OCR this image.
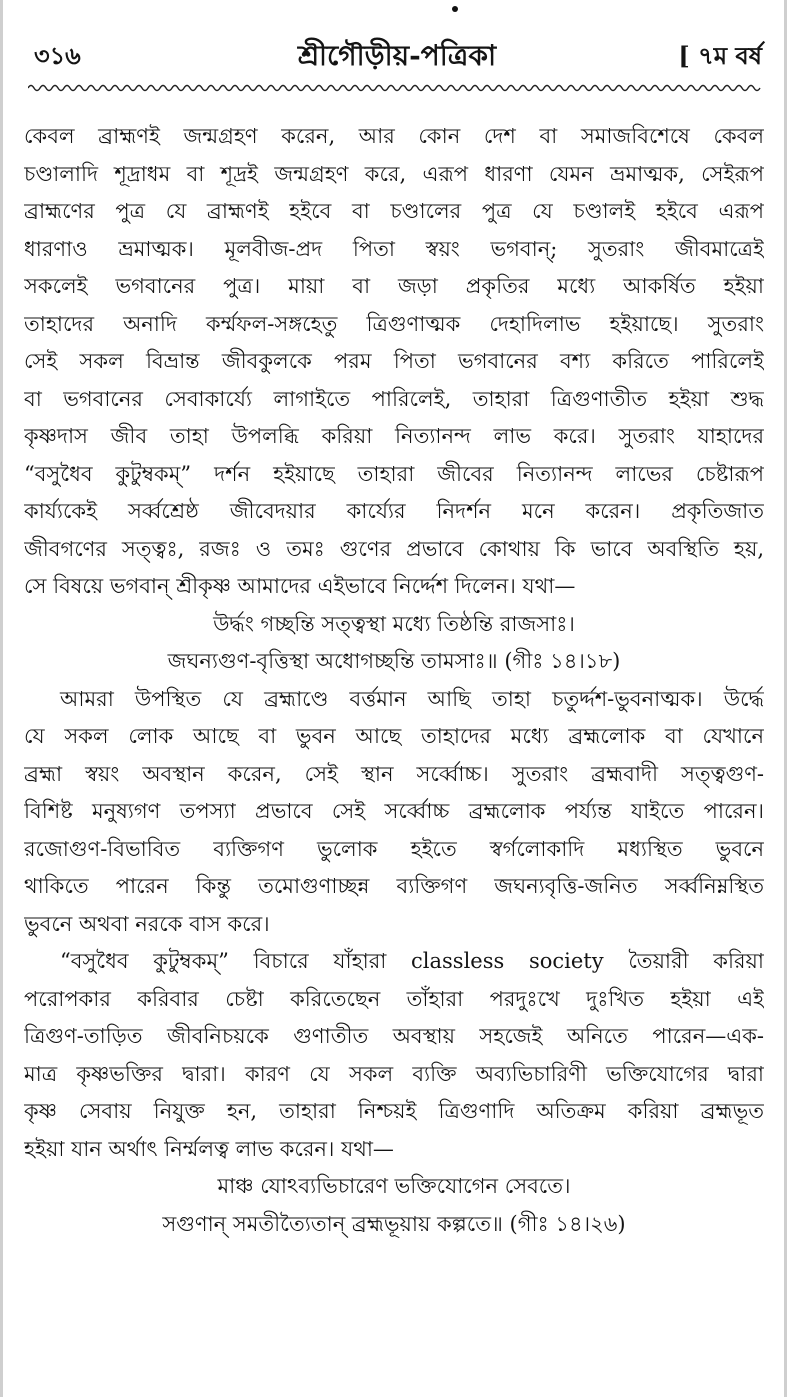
৩১৬	শ্রীগৌড়ীয়-পত্রিকা	[ ৭ম বর্ষ
কেবল ব্রাহ্মণই জন্মগ্রহণ করেন, আর কোন দেশ বা সমাজবিশেষে কেবল
চণ্ডালাদি শূদ্রাধম বা শূদ্রই জন্মগ্রহণ করে, এরূপ ধারণা যেমন ভ্রমাত্মক, সেইরূপ
ব্রাহ্মণের পুত্র যে ব্রাহ্মণই হইবে বা চণ্ডালের পুত্র যে চণ্ডালই হইবে এরূপ
ধারণাও ভ্রমাত্মক। মূলবীজ-প্রদ পিতা স্বয়ং ভগবান্; সুতরাং জীবমাত্রেই
সকলেই ভগবানের পুত্র। মায়া বা জড়া প্রকৃতির মধ্যে আকর্ষিত হইয়া
তাহাদের অনাদি কর্ম্মফল-সঙ্গহেতু ত্রিগুণাত্মক দেহাদিলাভ হইয়াছে। সুতরাং
সেই সকল বিভ্রান্ত জীবকুলকে পরম পিতা ভগবানের বশ্য করিতে পারিলেই
বা ভগবানের সেবাকার্য্যে লাগাইতে পারিলেই, তাহারা ত্রিগুণাতীত হইয়া শুদ্ধ
কৃষ্ণদাস জীব তাহা উপলব্ধি করিয়া নিত্যানন্দ লাভ করে। সুতরাং যাহাদের
“বসুধৈব কুটুম্বকম্” দর্শন হইয়াছে তাহারা জীবের নিত্যানন্দ লাভের চেষ্টারূপ
কার্য্যকেই সর্ব্বশ্রেষ্ঠ জীবেদয়ার কার্য্যের নিদর্শন মনে করেন। প্রকৃতিজাত
জীবগণের সত্ত্বঃ, রজঃ ও তমঃ গুণের প্রভাবে কোথায় কি ভাবে অবস্থিতি হয়,
সে বিষয়ে ভগবান্ শ্রীকৃষ্ণ আমাদের এইভাবে নির্দ্দেশ দিলেন। যথা—
উর্দ্ধং গচ্ছন্তি সত্ত্বস্থা মধ্যে তিষ্ঠন্তি রাজসাঃ।
জঘন্যগুণ-বৃত্তিস্থা অধোগচ্ছন্তি তামসাঃ॥ (গীঃ ১৪।১৮)
আমরা উপস্থিত যে ব্রহ্মাণ্ডে বর্ত্তমান আছি তাহা চতুর্দ্দশ-ভুবনাত্মক। উর্দ্ধে
যে সকল লোক আছে বা ভুবন আছে তাহাদের মধ্যে ব্রহ্মলোক বা যেখানে
ব্রহ্মা স্বয়ং অবস্থান করেন, সেই স্থান সর্ব্বোচ্চ। সুতরাং ব্রহ্মবাদী সত্ত্বগুণ-
বিশিষ্ট মনুষ্যগণ তপস্যা প্রভাবে সেই সর্ব্বোচ্চ ব্রহ্মলোক পর্য্যন্ত যাইতে পারেন।
রজোগুণ-বিভাবিত ব্যক্তিগণ ভুলোক হইতে স্বর্গলোকাদি মধ্যস্থিত ভুবনে
থাকিতে পারেন কিন্তু তমোগুণাচ্ছন্ন ব্যক্তিগণ জঘন্যবৃত্তি-জনিত সর্ব্বনিম্নস্থিত
ভুবনে অথবা নরকে বাস করে।
“বসুধৈব কুটুম্বকম্” বিচারে যাঁহারা classless society তৈয়ারী করিয়া
পরোপকার করিবার চেষ্টা করিতেছেন তাঁহারা পরদুঃখে দুঃখিত হইয়া এই
ত্রিগুণ-তাড়িত জীবনিচয়কে গুণাতীত অবস্থায় সহজেই অনিতে পারেন—এক-
মাত্র কৃষ্ণভক্তির দ্বারা। কারণ যে সকল ব্যক্তি অব্যভিচারিণী ভক্তিযোগের দ্বারা
কৃষ্ণ সেবায় নিযুক্ত হন, তাহারা নিশ্চয়ই ত্রিগুণাদি অতিক্রম করিয়া ব্রহ্মভূত
হইয়া যান অর্থাৎ নির্ম্মলত্ব লাভ করেন। যথা—
মাঞ্চ যোঽব্যভিচারেণ ভক্তিযোগেন সেবতে।
সগুণান্ সমতীত্যৈতান্ ব্রহ্মভূয়ায় কল্পতে॥ (গীঃ ১৪।২৬)
